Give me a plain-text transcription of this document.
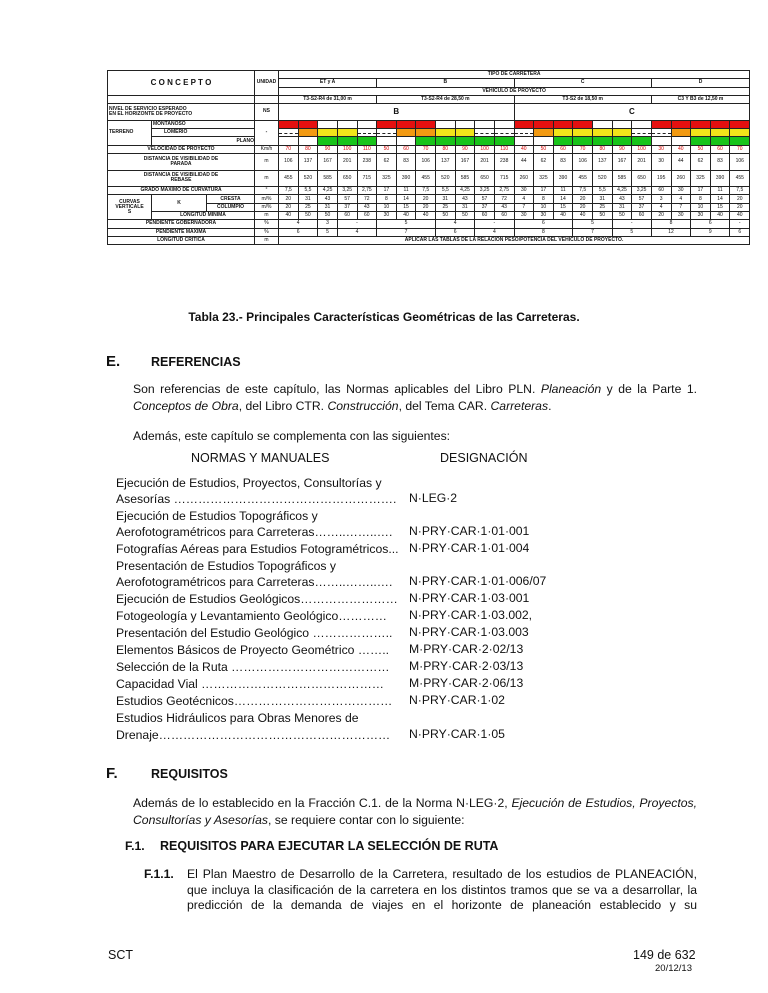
C O N C E P T O			UNIDAD	TIPO DE CARRETERA																							
				ET y A					B							C							D				
				VEHÍCULO DE PROYECTO																							
				T3-S2-R4 de 31,00 m					T3-S2-R4 de 28,50 m							T3-S2 de 18,50 m							C3 Y B3 de 12,50 m				

NIVEL DE SERVICIO ESPERADO
EN EL HORIZONTE DE PROYECTO			NS	B												C											

TERRENO	MONTAÑOSO		-																								
	LOMERIO																										
	PLANO																										
VELOCIDAD DE PROYECTO			Km/h	70	80	90	100	110	50	60	70	80	90	100	110	40	50	60	70	80	90	100	30	40	50	60	70

DISTANCIA DE VISIBILIDAD DE
PARADA			m	106	137	167	201	238	62	83	106	137	167	201	238	44	62	83	106	137	167	201	30	44	62	83	106

DISTANCIA DE VISIBILIDAD DE
REBASE			m	455	520	585	650	715	325	390	455	520	585	650	715	260	325	390	455	520	585	650	195	260	325	390	455

GRADO MAXIMO DE CURVATURA			°	7,5	5,5	4,25	3,25	2,75	17	11	7,5	5,5	4,25	3,25	2,75	30	17	11	7,5	5,5	4,25	3,25	60	30	17	11	7,5

CURVAS
VERTICALE
S	K	CRESTA	m/%	20	31	43	57	72	8	14	20	31	43	57	72	4	8	14	20	31	43	57	3	4	8	14	20
		COLUMPIO	m/%	20	25	31	37	43	10	15	20	25	31	37	43	7	10	15	20	25	31	37	4	7	10	15	20
	LONGITUD MÍNIMA		m	40	50	50	60	60	30	40	40	50	50	60	60	30	30	40	40	50	50	60	20	30	30	40	40
PENDIENTE GOBERNADORA			%	4		3	-		5			4		-		6			5		-		8		6		-
PENDIENTE MAXIMA			%	6		5	4		7			6		4		8			7		5		12		9		6
LONGITUD CRITICA			m	APLICAR LAS TABLAS DE LA RELACIÓN PESO/POTENCIA DEL VEHÍCULO DE PROYECTO.																							
Tabla 23.- Principales Características Geométricas de las Carreteras.
E. REFERENCIAS
Son referencias de este capítulo, las Normas aplicables del Libro PLN. Planeación y de la Parte 1. Conceptos de Obra, del Libro CTR. Construcción, del Tema CAR. Carreteras.
Además, este capítulo se complementa con las siguientes:
NORMAS Y MANUALES	DESIGNACIÓN
Ejecución de Estudios, Proyectos, Consultorías y
Asesorías ……………………………………………….	N·LEG·2
Ejecución de Estudios Topográficos y
Aerofotogramétricos para Carreteras……..……..….	N·PRY·CAR·1·01·001
Fotografías Aéreas para Estudios Fotogramétricos... N·PRY·CAR·1·01·004
Presentación de Estudios Topográficos y
Aerofotogramétricos para Carreteras……..……..….	N·PRY·CAR·1·01·006/07
Ejecución de Estudios Geológicos…………………… N·PRY·CAR·1·03·001
Fotogeología y Levantamiento Geológico…………	N·PRY·CAR·1·03.002,
Presentación del Estudio Geológico ………………..	N·PRY·CAR·1·03.003
Elementos Básicos de Proyecto Geométrico ……..	M·PRY·CAR·2·02/13
Selección de la Ruta …………………………………	M·PRY·CAR·2·03/13
Capacidad Vial ………………………………………	M·PRY·CAR·2·06/13
Estudios Geotécnicos…………………………………	N·PRY·CAR·1·02
Estudios Hidráulicos para Obras Menores de
Drenaje…………………………………………………	N·PRY·CAR·1·05
F.	REQUISITOS
Además de lo establecido en la Fracción C.1. de la Norma N·LEG·2, Ejecución de Estudios, Proyectos, Consultorías y Asesorías, se requiere contar con lo siguiente:
F.1. REQUISITOS PARA EJECUTAR LA SELECCIÓN DE RUTA
F.1.1. El Plan Maestro de Desarrollo de la Carretera, resultado de los estudios de PLANEACIÓN,
que incluya la clasificación de la carretera en los distintos tramos que se va a desarrollar, la
predicción de la demanda de viajes en el horizonte de planeación establecido y su
SCT	149 de 632
20/12/13
